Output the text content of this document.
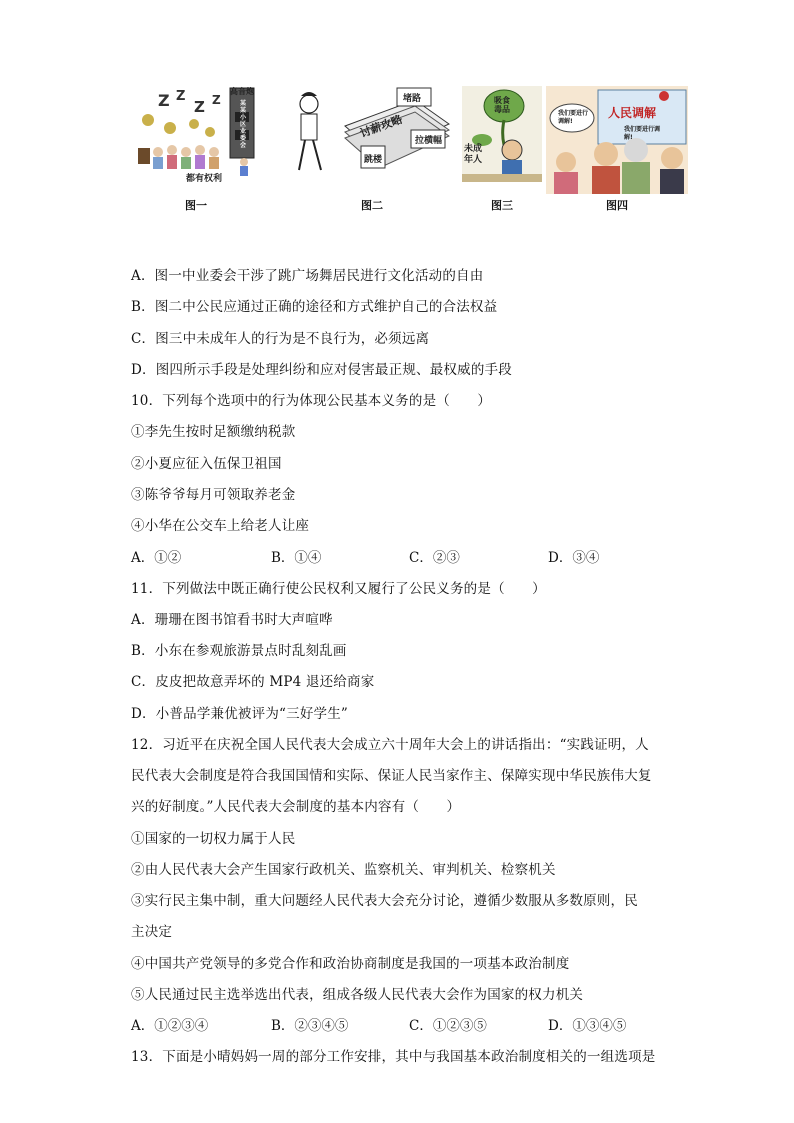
Z Z
Z Z
高音炮
某某小区业委会
都有权利
图一
讨薪攻略
堵路
拉横幅
跳楼
图二
吸食毒品
未成年人
图三
人民调解
我们要进行调解!
我们要进行调解!
图四
A．图一中业委会干涉了跳广场舞居民进行文化活动的自由
B．图二中公民应通过正确的途径和方式维护自己的合法权益
C．图三中未成年人的行为是不良行为，必须远离
D．图四所示手段是处理纠纷和应对侵害最正规、最权威的手段
10．下列每个选项中的行为体现公民基本义务的是（　　）
①李先生按时足额缴纳税款
②小夏应征入伍保卫祖国
③陈爷爷每月可领取养老金
④小华在公交车上给老人让座
A．①②	B．①④	C．②③	D．③④
11．下列做法中既正确行使公民权利又履行了公民义务的是（　　）
A．珊珊在图书馆看书时大声喧哗
B．小东在参观旅游景点时乱刻乱画
C．皮皮把故意弄坏的 MP4 退还给商家
D．小普品学兼优被评为“三好学生”
12．习近平在庆祝全国人民代表大会成立六十周年大会上的讲话指出：“实践证明，人
民代表大会制度是符合我国国情和实际、保证人民当家作主、保障实现中华民族伟大复
兴的好制度。”人民代表大会制度的基本内容有（　　）
①国家的一切权力属于人民
②由人民代表大会产生国家行政机关、监察机关、审判机关、检察机关
③实行民主集中制，重大问题经人民代表大会充分讨论，遵循少数服从多数原则，民
主决定
④中国共产党领导的多党合作和政治协商制度是我国的一项基本政治制度
⑤人民通过民主选举选出代表，组成各级人民代表大会作为国家的权力机关
A．①②③④	B．②③④⑤	C．①②③⑤	D．①③④⑤
13．下面是小晴妈妈一周的部分工作安排，其中与我国基本政治制度相关的一组选项是
